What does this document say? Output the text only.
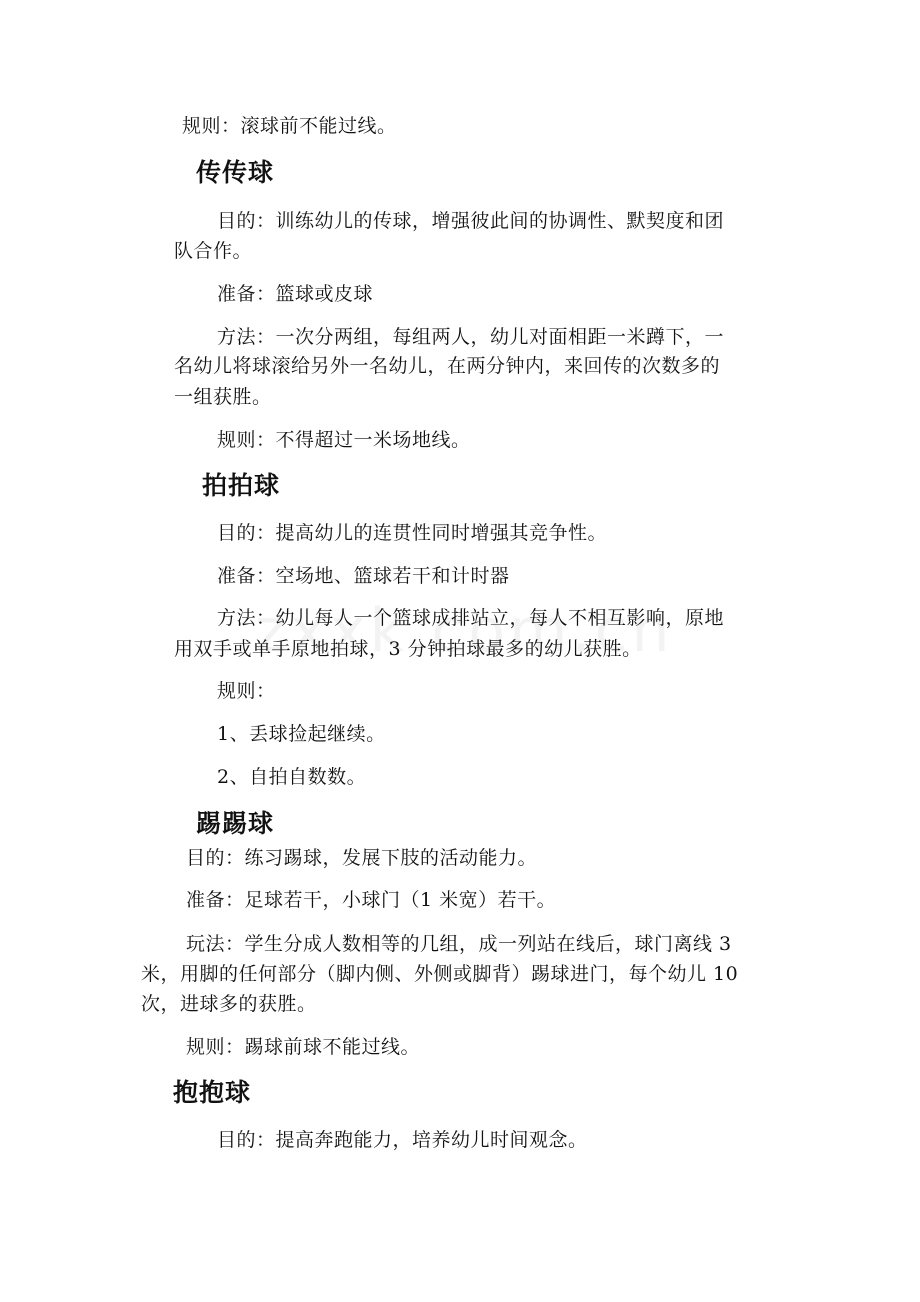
规则：滚球前不能过线。
传传球
目的：训练幼儿的传球，增强彼此间的协调性、默契度和团
队合作。
准备：篮球或皮球
方法：一次分两组，每组两人，幼儿对面相距一米蹲下，一
名幼儿将球滚给另外一名幼儿，在两分钟内，来回传的次数多的
一组获胜。
规则：不得超过一米场地线。
拍拍球
目的：提高幼儿的连贯性同时增强其竞争性。
准备：空场地、篮球若干和计时器
方法：幼儿每人一个篮球成排站立，每人不相互影响，原地
用双手或单手原地拍球，3 分钟拍球最多的幼儿获胜。
规则：
1、丢球捡起继续。
2、自拍自数数。
踢踢球
目的：练习踢球，发展下肢的活动能力。
准备：足球若干，小球门（1 米宽）若干。
玩法：学生分成人数相等的几组，成一列站在线后，球门离线 3
米，用脚的任何部分（脚内侧、外侧或脚背）踢球进门，每个幼儿 10
次，进球多的获胜。
规则：踢球前球不能过线。
抱抱球
目的：提高奔跑能力，培养幼儿时间观念。
